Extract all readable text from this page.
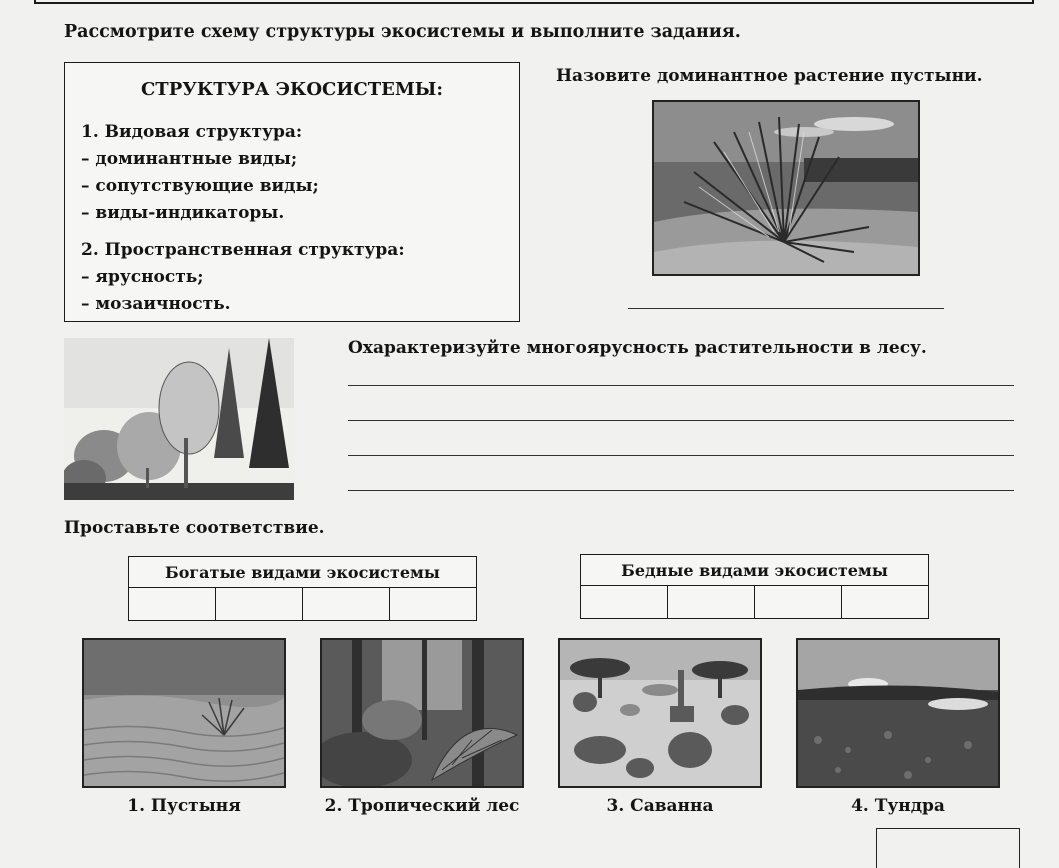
Рассмотрите схему структуры экосистемы и выполните задания.
СТРУКТУРА ЭКОСИСТЕМЫ:
1. Видовая структура:
– доминантные виды;
– сопутствующие виды;
– виды-индикаторы.
2. Пространственная структура:
– ярусность;
– мозаичность.
Назовите доминантное растение пустыни.
Охарактеризуйте многоярусность растительности в лесу.
Проставьте соответствие.
Богатые видами экосистемы
				Бедные видами экосистемы

1. Пустыня	2. Тропический лес	3. Саванна	4. Тундра
